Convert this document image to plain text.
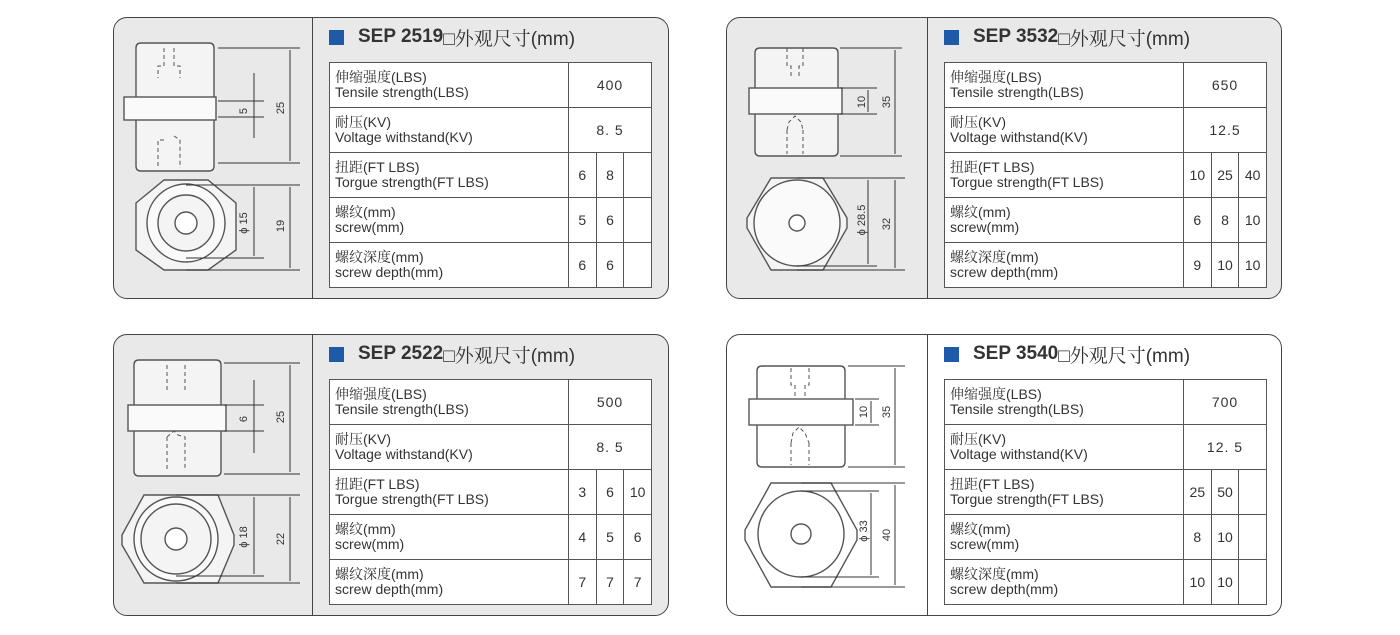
5 25
ϕ 15 19
SEP 2519 □外观尺寸(mm)
伸缩强度(LBS)
Tensile strength(LBS)	400		

耐压(KV)
Voltage withstand(KV)	8. 5		

扭距(FT LBS)
Torgue strength(FT LBS)	6	8	

螺纹(mm)
screw(mm)	5	6	

螺纹深度(mm)
screw depth(mm)	6	6	
10 35
ϕ 28.5 32
SEP 3532 □外观尺寸(mm)
伸缩强度(LBS)
Tensile strength(LBS)	650		

耐压(KV)
Voltage withstand(KV)	12.5		

扭距(FT LBS)
Torgue strength(FT LBS)	10	25	40

螺纹(mm)
screw(mm)	6	8	10

螺纹深度(mm)
screw depth(mm)	9	10	10
6 25
ϕ 18 22
SEP 2522 □外观尺寸(mm)
伸缩强度(LBS)
Tensile strength(LBS)	500		

耐压(KV)
Voltage withstand(KV)	8. 5		

扭距(FT LBS)
Torgue strength(FT LBS)	3	6	10

螺纹(mm)
screw(mm)	4	5	6

螺纹深度(mm)
screw depth(mm)	7	7	7
10 35
ϕ 33 40
SEP 3540 □外观尺寸(mm)
伸缩强度(LBS)
Tensile strength(LBS)	700		

耐压(KV)
Voltage withstand(KV)	12. 5		

扭距(FT LBS)
Torgue strength(FT LBS)	25	50	

螺纹(mm)
screw(mm)	8	10	

螺纹深度(mm)
screw depth(mm)	10	10	
